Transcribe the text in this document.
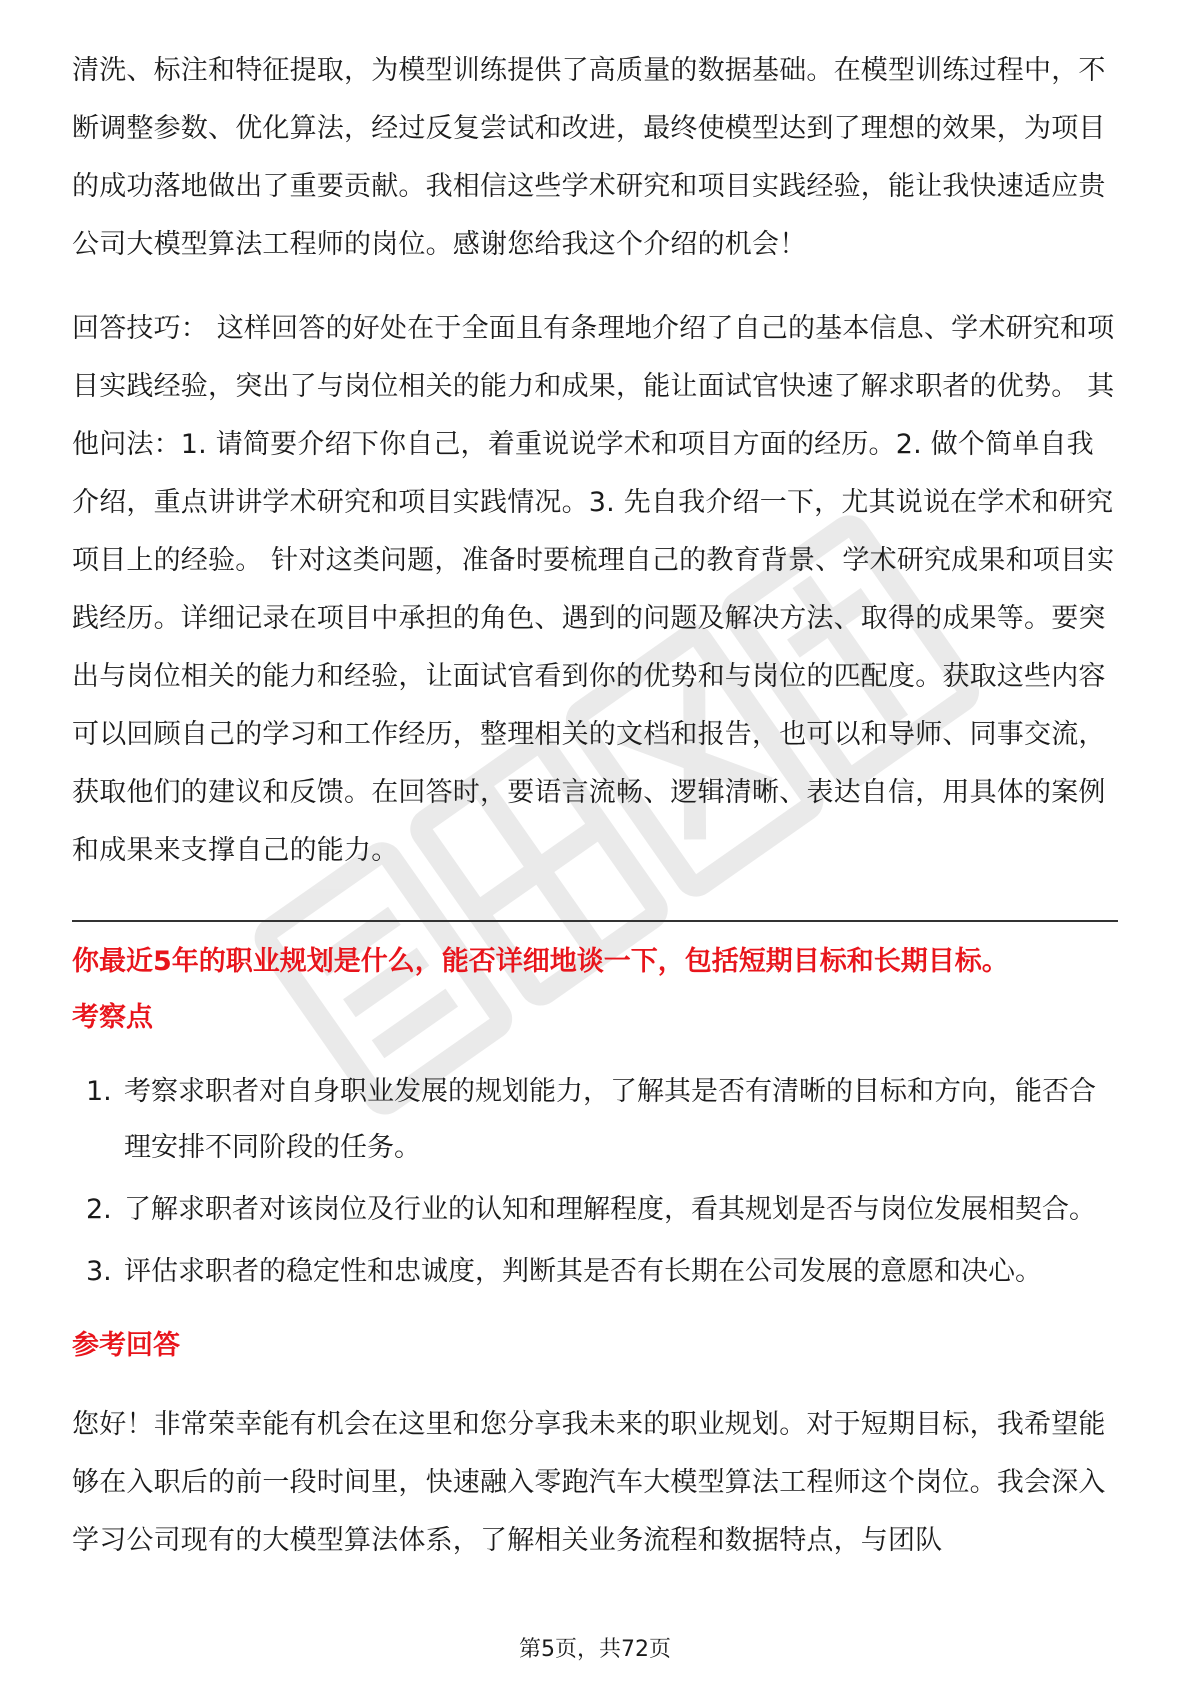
清洗、标注和特征提取，为模型训练提供了高质量的数据基础。在模型训练过程中，不断调整参数、优化算法，经过反复尝试和改进，最终使模型达到了理想的效果，为项目的成功落地做出了重要贡献。我相信这些学术研究和项目实践经验，能让我快速适应贵公司大模型算法工程师的岗位。感谢您给我这个介绍的机会！

回答技巧： 这样回答的好处在于全面且有条理地介绍了自己的基本信息、学术研究和项目实践经验，突出了与岗位相关的能力和成果，能让面试官快速了解求职者的优势。 其他问法：1. 请简要介绍下你自己，着重说说学术和项目方面的经历。2. 做个简单自我介绍，重点讲讲学术研究和项目实践情况。3. 先自我介绍一下，尤其说说在学术和研究项目上的经验。 针对这类问题，准备时要梳理自己的教育背景、学术研究成果和项目实践经历。详细记录在项目中承担的角色、遇到的问题及解决方法、取得的成果等。要突出与岗位相关的能力和经验，让面试官看到你的优势和与岗位的匹配度。获取这些内容可以回顾自己的学习和工作经历，整理相关的文档和报告，也可以和导师、同事交流，获取他们的建议和反馈。在回答时，要语言流畅、逻辑清晰、表达自信，用具体的案例和成果来支撑自己的能力。

你最近5年的职业规划是什么，能否详细地谈一下，包括短期目标和长期目标。
考察点
1. 考察求职者对自身职业发展的规划能力，了解其是否有清晰的目标和方向，能否合理安排不同阶段的任务。
2. 了解求职者对该岗位及行业的认知和理解程度，看其规划是否与岗位发展相契合。
3. 评估求职者的稳定性和忠诚度，判断其是否有长期在公司发展的意愿和决心。
参考回答

您好！非常荣幸能有机会在这里和您分享我未来的职业规划。对于短期目标，我希望能够在入职后的前一段时间里，快速融入零跑汽车大模型算法工程师这个岗位。我会深入学习公司现有的大模型算法体系，了解相关业务流程和数据特点，与团队

第5页，共72页
